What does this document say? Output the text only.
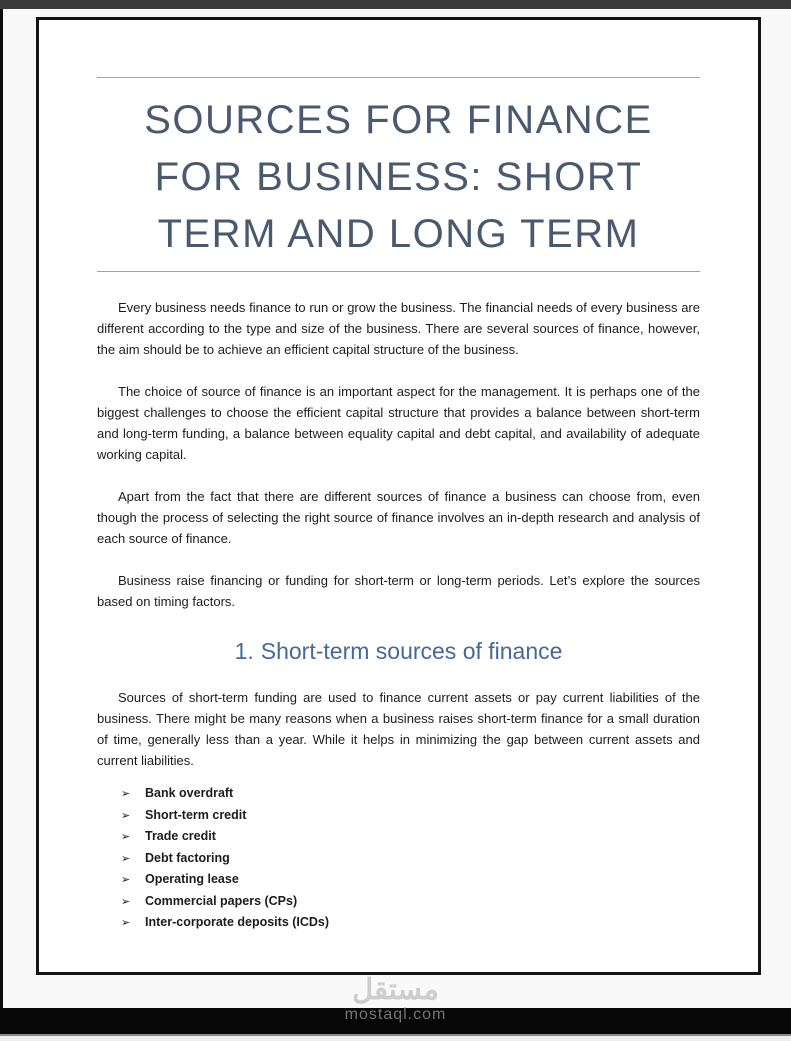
SOURCES FOR FINANCE FOR BUSINESS: SHORT TERM AND LONG TERM

Every business needs finance to run or grow the business. The financial needs of every business are different according to the type and size of the business. There are several sources of finance, however, the aim should be to achieve an efficient capital structure of the business.

The choice of source of finance is an important aspect for the management. It is perhaps one of the biggest challenges to choose the efficient capital structure that provides a balance between short-term and long-term funding, a balance between equality capital and debt capital, and availability of adequate working capital.

Apart from the fact that there are different sources of finance a business can choose from, even though the process of selecting the right source of finance involves an in-depth research and analysis of each source of finance.

Business raise financing or funding for short-term or long-term periods. Let’s explore the sources based on timing factors.

1. Short-term sources of finance

Sources of short-term funding are used to finance current assets or pay current liabilities of the business. There might be many reasons when a business raises short-term finance for a small duration of time, generally less than a year. While it helps in minimizing the gap between current assets and current liabilities.

➢	Bank overdraft
➢	Short-term credit
➢	Trade credit
➢	Debt factoring
➢	Operating lease
➢	Commercial papers (CPs)
➢	Inter-corporate deposits (ICDs)
مستقل
mostaql.com
